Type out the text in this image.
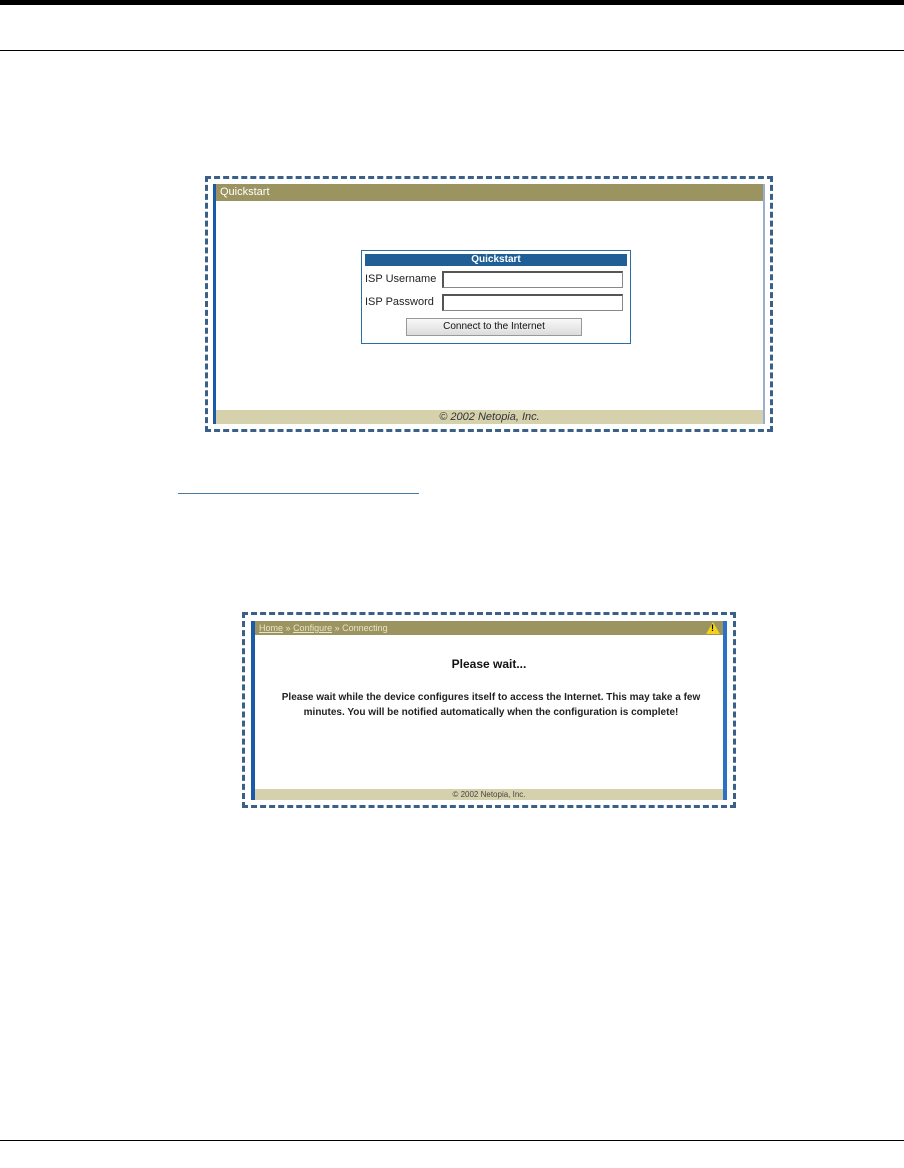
Quickstart
Quickstart
ISP Username
ISP Password
Connect to the Internet
© 2002 Netopia, Inc.
Home » Configure » Connecting	!
Please wait...
Please wait while the device configures itself to access the Internet. This may take a few minutes. You will be notified automatically when the configuration is complete!
© 2002 Netopia, Inc.
